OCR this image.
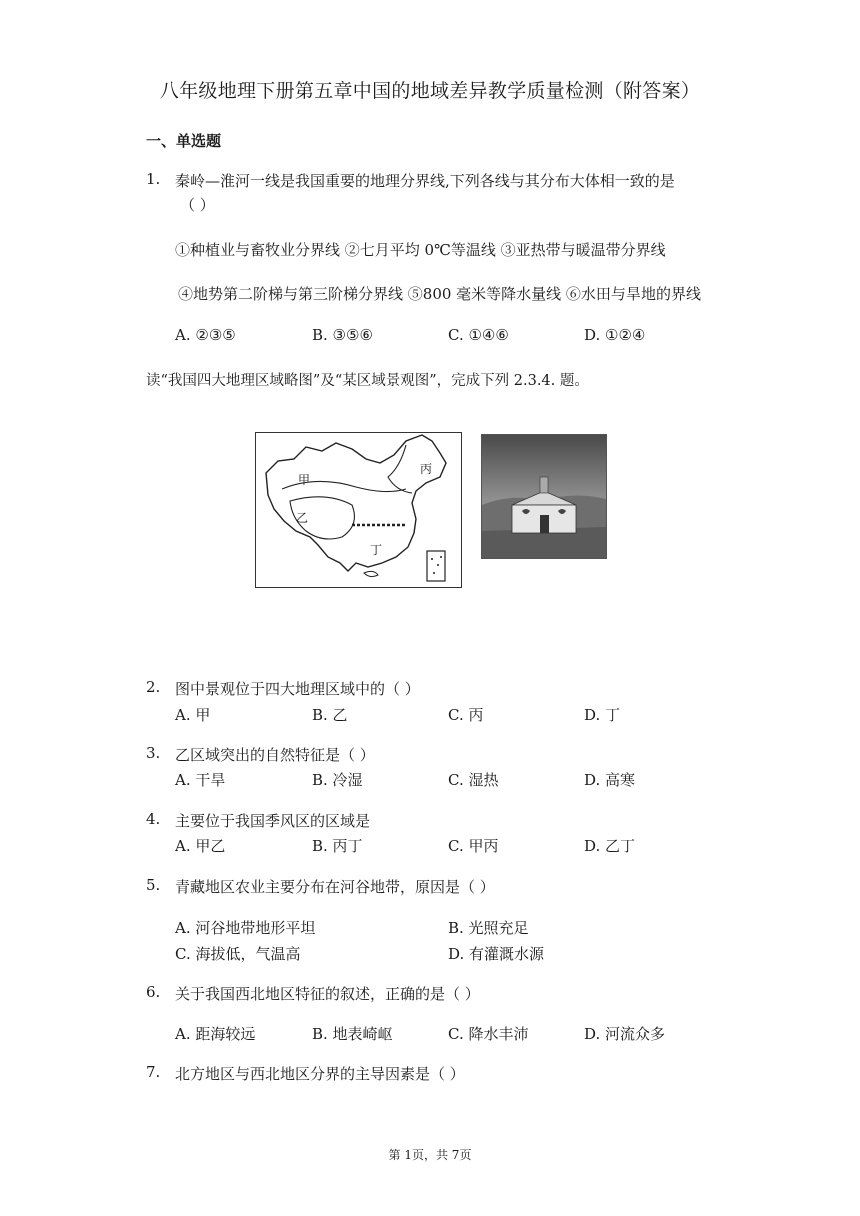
八年级地理下册第五章中国的地域差异教学质量检测（附答案）
一、单选题
1. 秦岭—淮河一线是我国重要的地理分界线,下列各线与其分布大体相一致的是
（ ）
①种植业与畜牧业分界线 ②七月平均 0℃等温线 ③亚热带与暖温带分界线
④地势第二阶梯与第三阶梯分界线 ⑤800 毫米等降水量线 ⑥水田与旱地的界线
A. ②③⑤	B. ③⑤⑥	C. ①④⑥	D. ①②④
读“我国四大地理区域略图”及“某区域景观图”，完成下列 2.3.4. 题。
甲
乙
丙
丁
2. 图中景观位于四大地理区域中的（ ）
A. 甲	B. 乙	C. 丙	D. 丁
3. 乙区域突出的自然特征是（ ）
A. 干旱	B. 冷湿	C. 湿热	D. 高寒
4. 主要位于我国季风区的区域是
A. 甲乙	B. 丙丁	C. 甲丙	D. 乙丁
5. 青藏地区农业主要分布在河谷地带，原因是（ ）
A. 河谷地带地形平坦	B. 光照充足
C. 海拔低，气温高	D. 有灌溉水源
6. 关于我国西北地区特征的叙述，正确的是（ ）
A. 距海较远	B. 地表崎岖	C. 降水丰沛	D. 河流众多
7. 北方地区与西北地区分界的主导因素是（ ）
第 1页，共 7页
